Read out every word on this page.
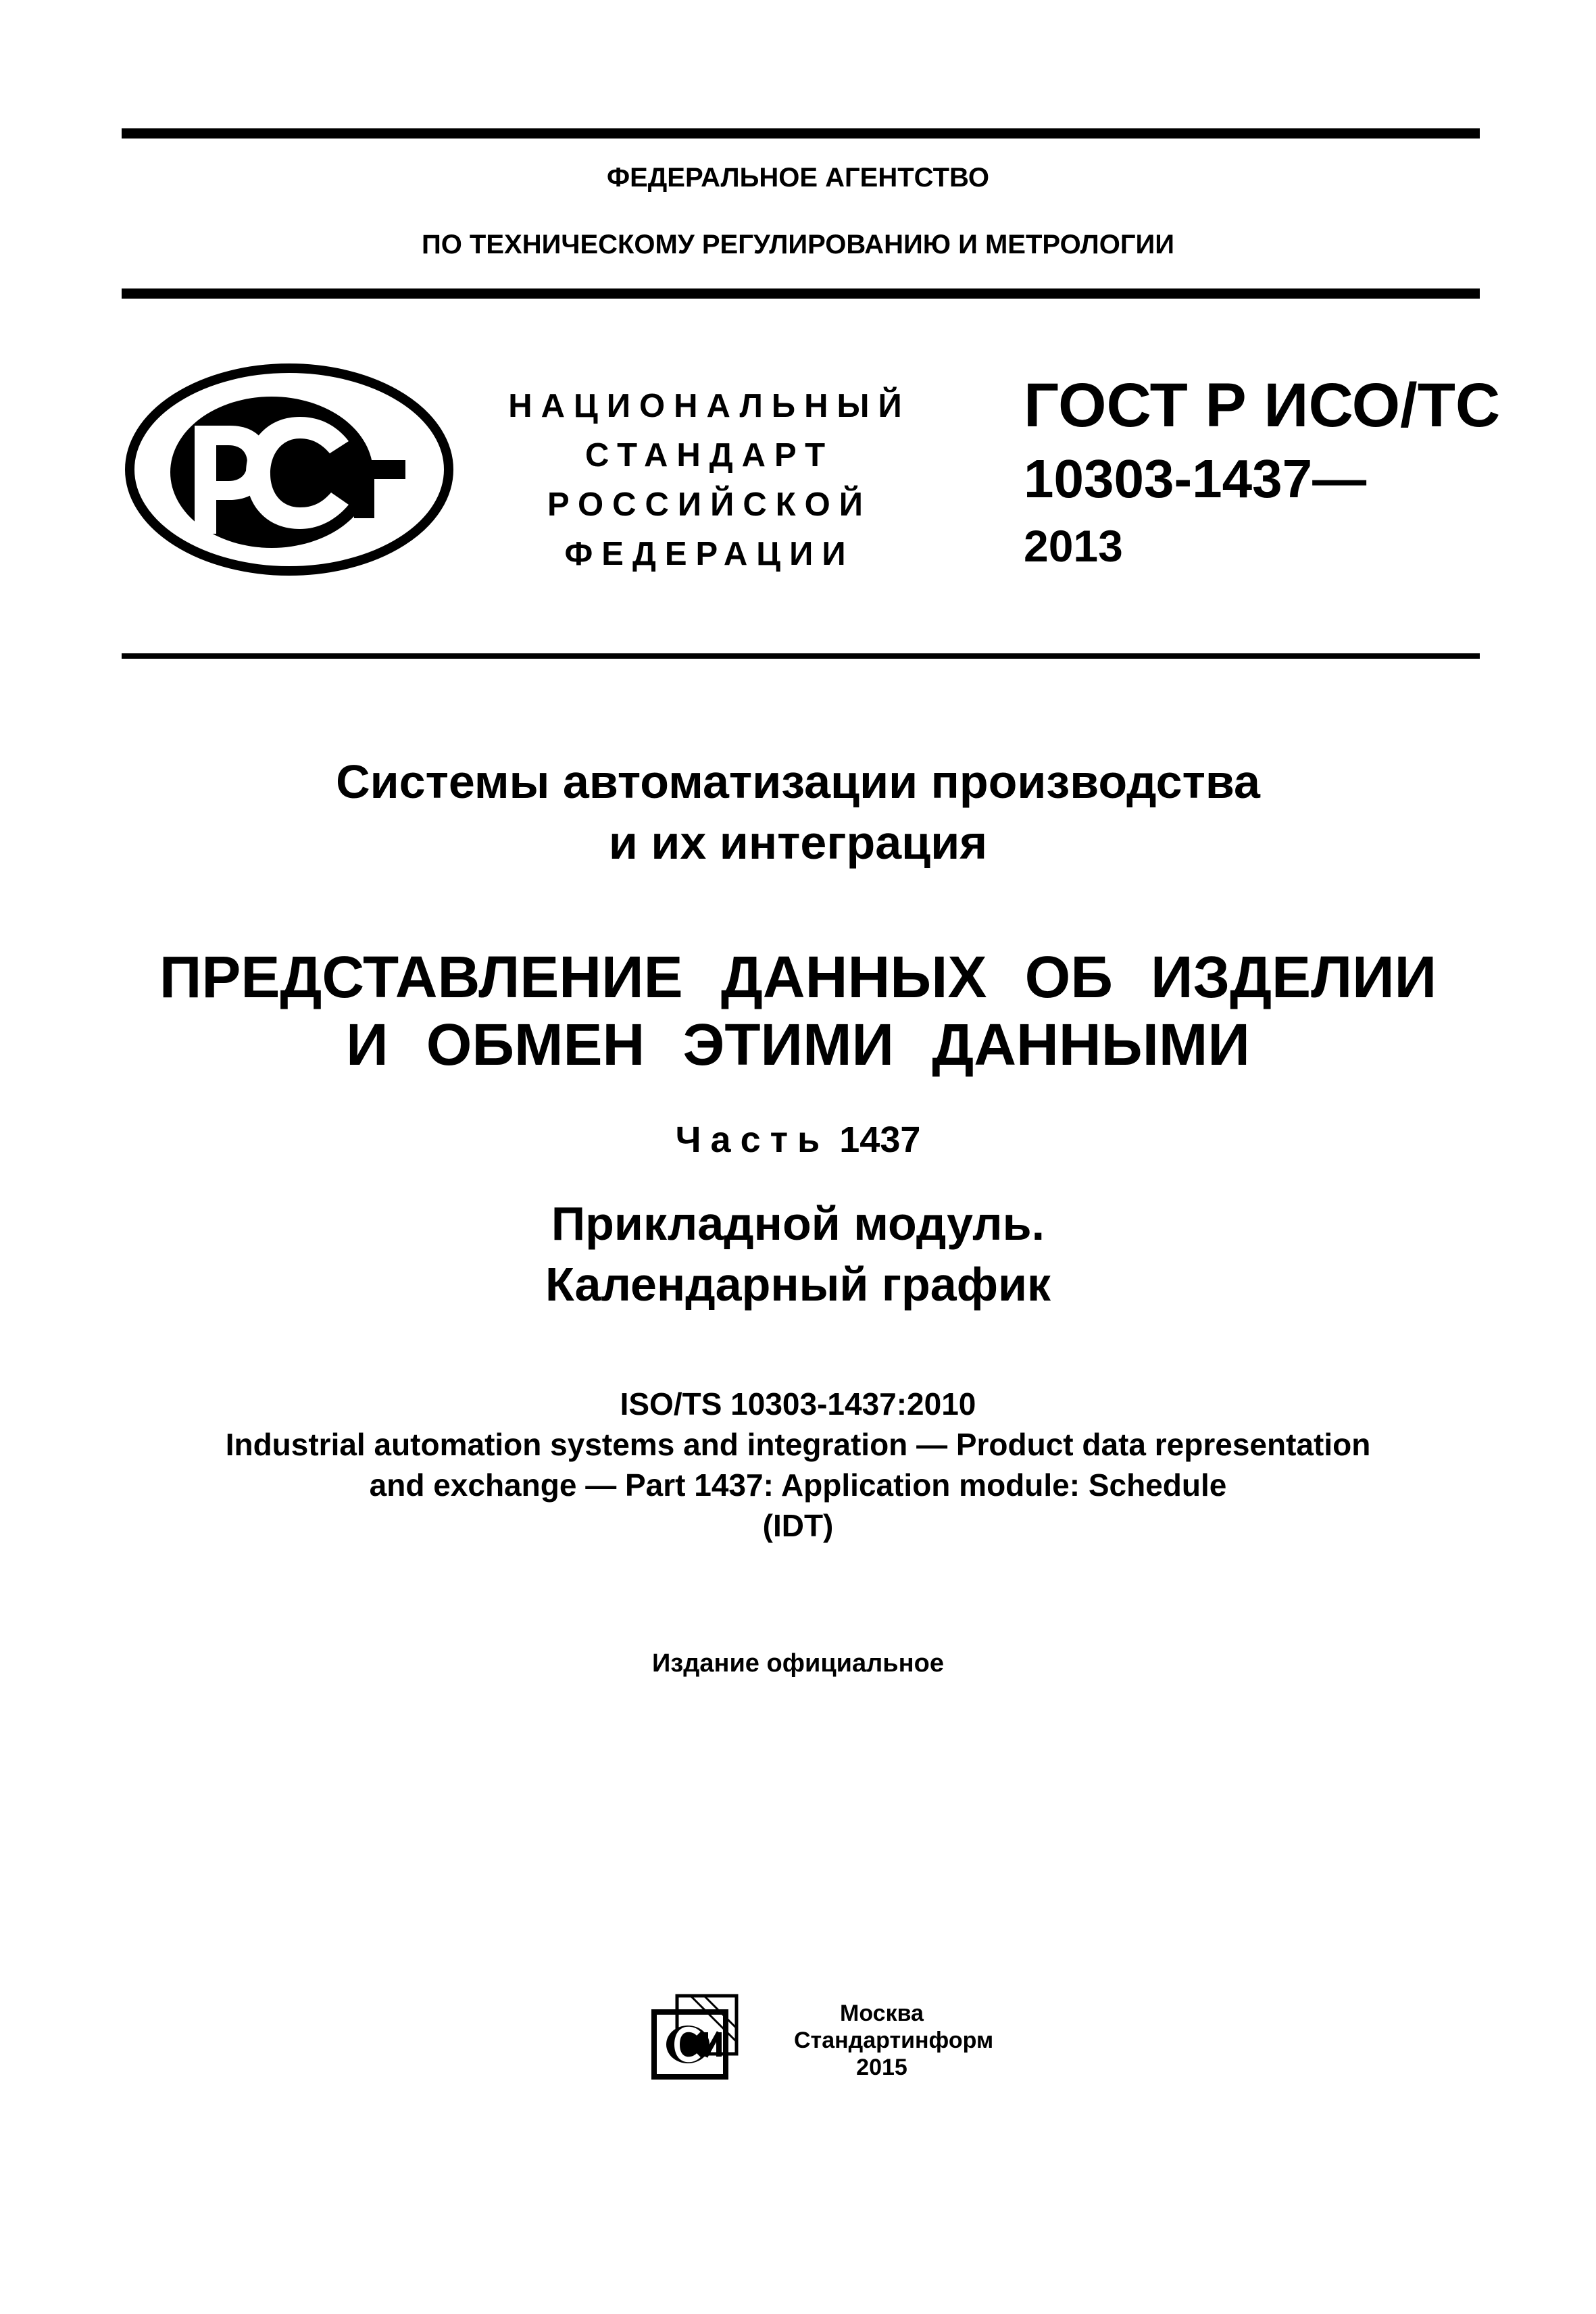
ФЕДЕРАЛЬНОЕ АГЕНТСТВО
ПО ТЕХНИЧЕСКОМУ РЕГУЛИРОВАНИЮ И МЕТРОЛОГИИ
НАЦИОНАЛЬНЫЙ
СТАНДАРТ
РОССИЙСКОЙ
ФЕДЕРАЦИИ
ГОСТ Р ИСО/ТС
10303-1437—
2013
Системы автоматизации производства
и их интеграция
ПРЕДСТАВЛЕНИЕ ДАННЫХ ОБ ИЗДЕЛИИ
И ОБМЕН ЭТИМИ ДАННЫМИ
Часть 1437
Прикладной модуль.
Календарный график
ISO/TS 10303-1437:2010
Industrial automation systems and integration — Product data representation
and exchange — Part 1437: Application module: Schedule
(IDT)
Издание официальное
Москва
Стандартинформ
2015
